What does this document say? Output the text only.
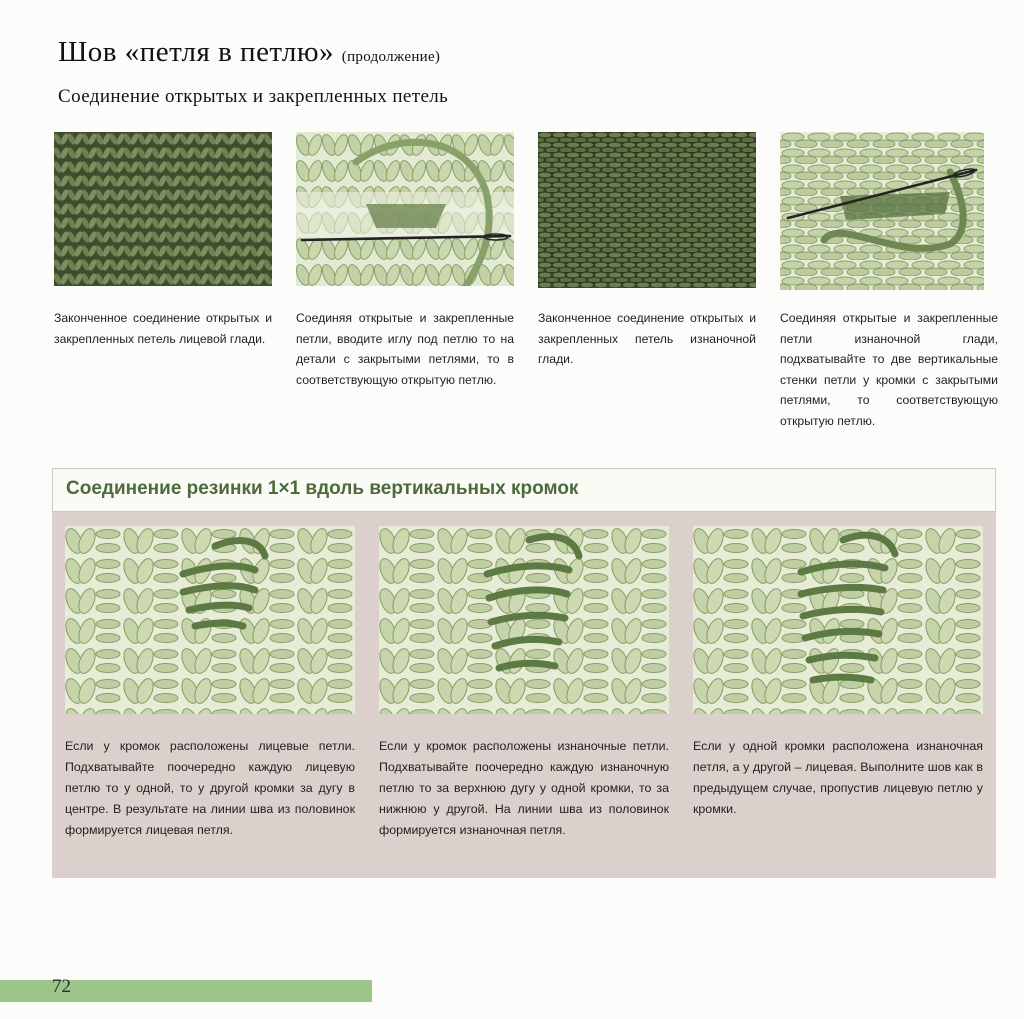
Шов «петля в петлю» (продолжение)
Соединение открытых и закрепленных петель
Законченное соединение открытых и закрепленных петель лицевой глади.
Соединяя открытые и закрепленные петли, вводите иглу под петлю то на детали с закрытыми петлями, то в соответствующую открытую петлю.
Законченное соединение открытых и закрепленных петель изнаночной глади.
Соединяя открытые и закрепленные петли изнаночной глади, подхватывайте то две вертикальные стенки петли у кромки с закрытыми петлями, то соответствующую открытую петлю.
Соединение резинки 1×1 вдоль вертикальных кромок
Если у кромок расположены лицевые петли. Подхватывайте поочередно каждую лицевую петлю то у одной, то у другой кромки за дугу в центре. В результате на линии шва из половинок формируется лицевая петля.
Если у кромок расположены изнаночные петли. Подхватывайте поочередно каждую изнаночную петлю то за верхнюю дугу у одной кромки, то за нижнюю у другой. На линии шва из половинок формируется изнаночная петля.
Если у одной кромки расположена изнаночная петля, а у другой – лицевая. Выполните шов как в предыдущем случае, пропустив лицевую петлю у кромки.
72
